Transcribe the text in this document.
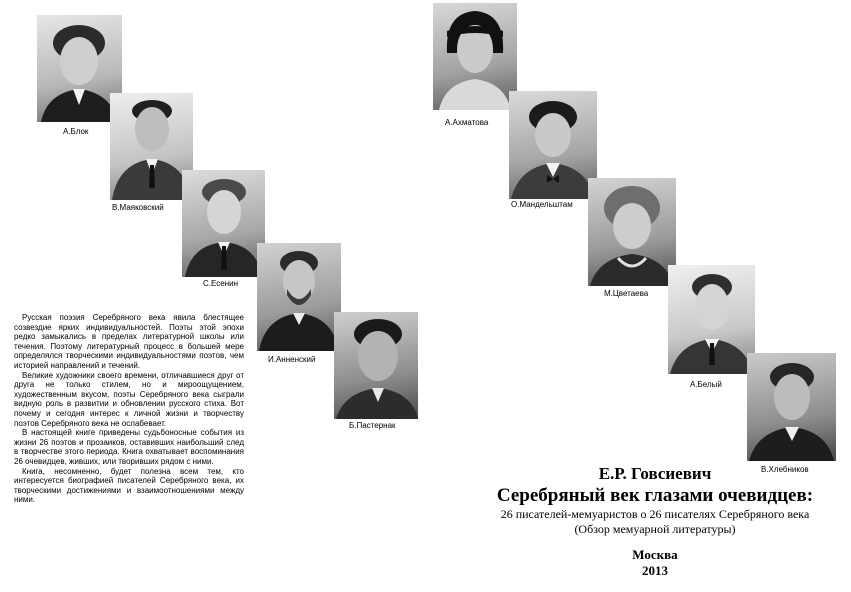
А.Блок
В.Маяковский
С.Есенин
И.Анненский
Б.Пастернак
А.Ахматова
О.Мандельштам
М.Цветаева
А.Белый
В.Хлебников

Русская поэзия Серебряного века явила блестящее созвездие ярких индивидуальностей. Поэты этой эпохи редко замыкались в пределах литературной школы или течения. Поэтому литературный процесс в большей мере определялся творческими индивидуальностями поэтов, чем историей направлений и течений.

Великие художники своего времени, отличавшиеся друг от друга не только стилем, но и мироощущением, художественным вкусом, поэты Серебряного века сыграли видную роль в развитии и обновлении русского стиха. Вот почему и сегодня интерес к личной жизни и творчеству поэтов Серебряного века не ослабевает.

В настоящей книге приведены судьбоносные события из жизни 26 поэтов и прозаиков, оставивших наибольший след в творчестве этого периода. Книга охватывает воспоминания 26 очевидцев, живших, или творивших рядом с ними.

Книга, несомненно, будет полезна всем тем, кто интересуется биографией писателей Серебряного века, их творческими достижениями и взаимоотношениями между ними.

Е.Р. Говсиевич
Серебряный век глазами очевидцев:
26 писателей-мемуаристов о 26 писателях Серебряного века
(Обзор мемуарной литературы)
Москва
2013
